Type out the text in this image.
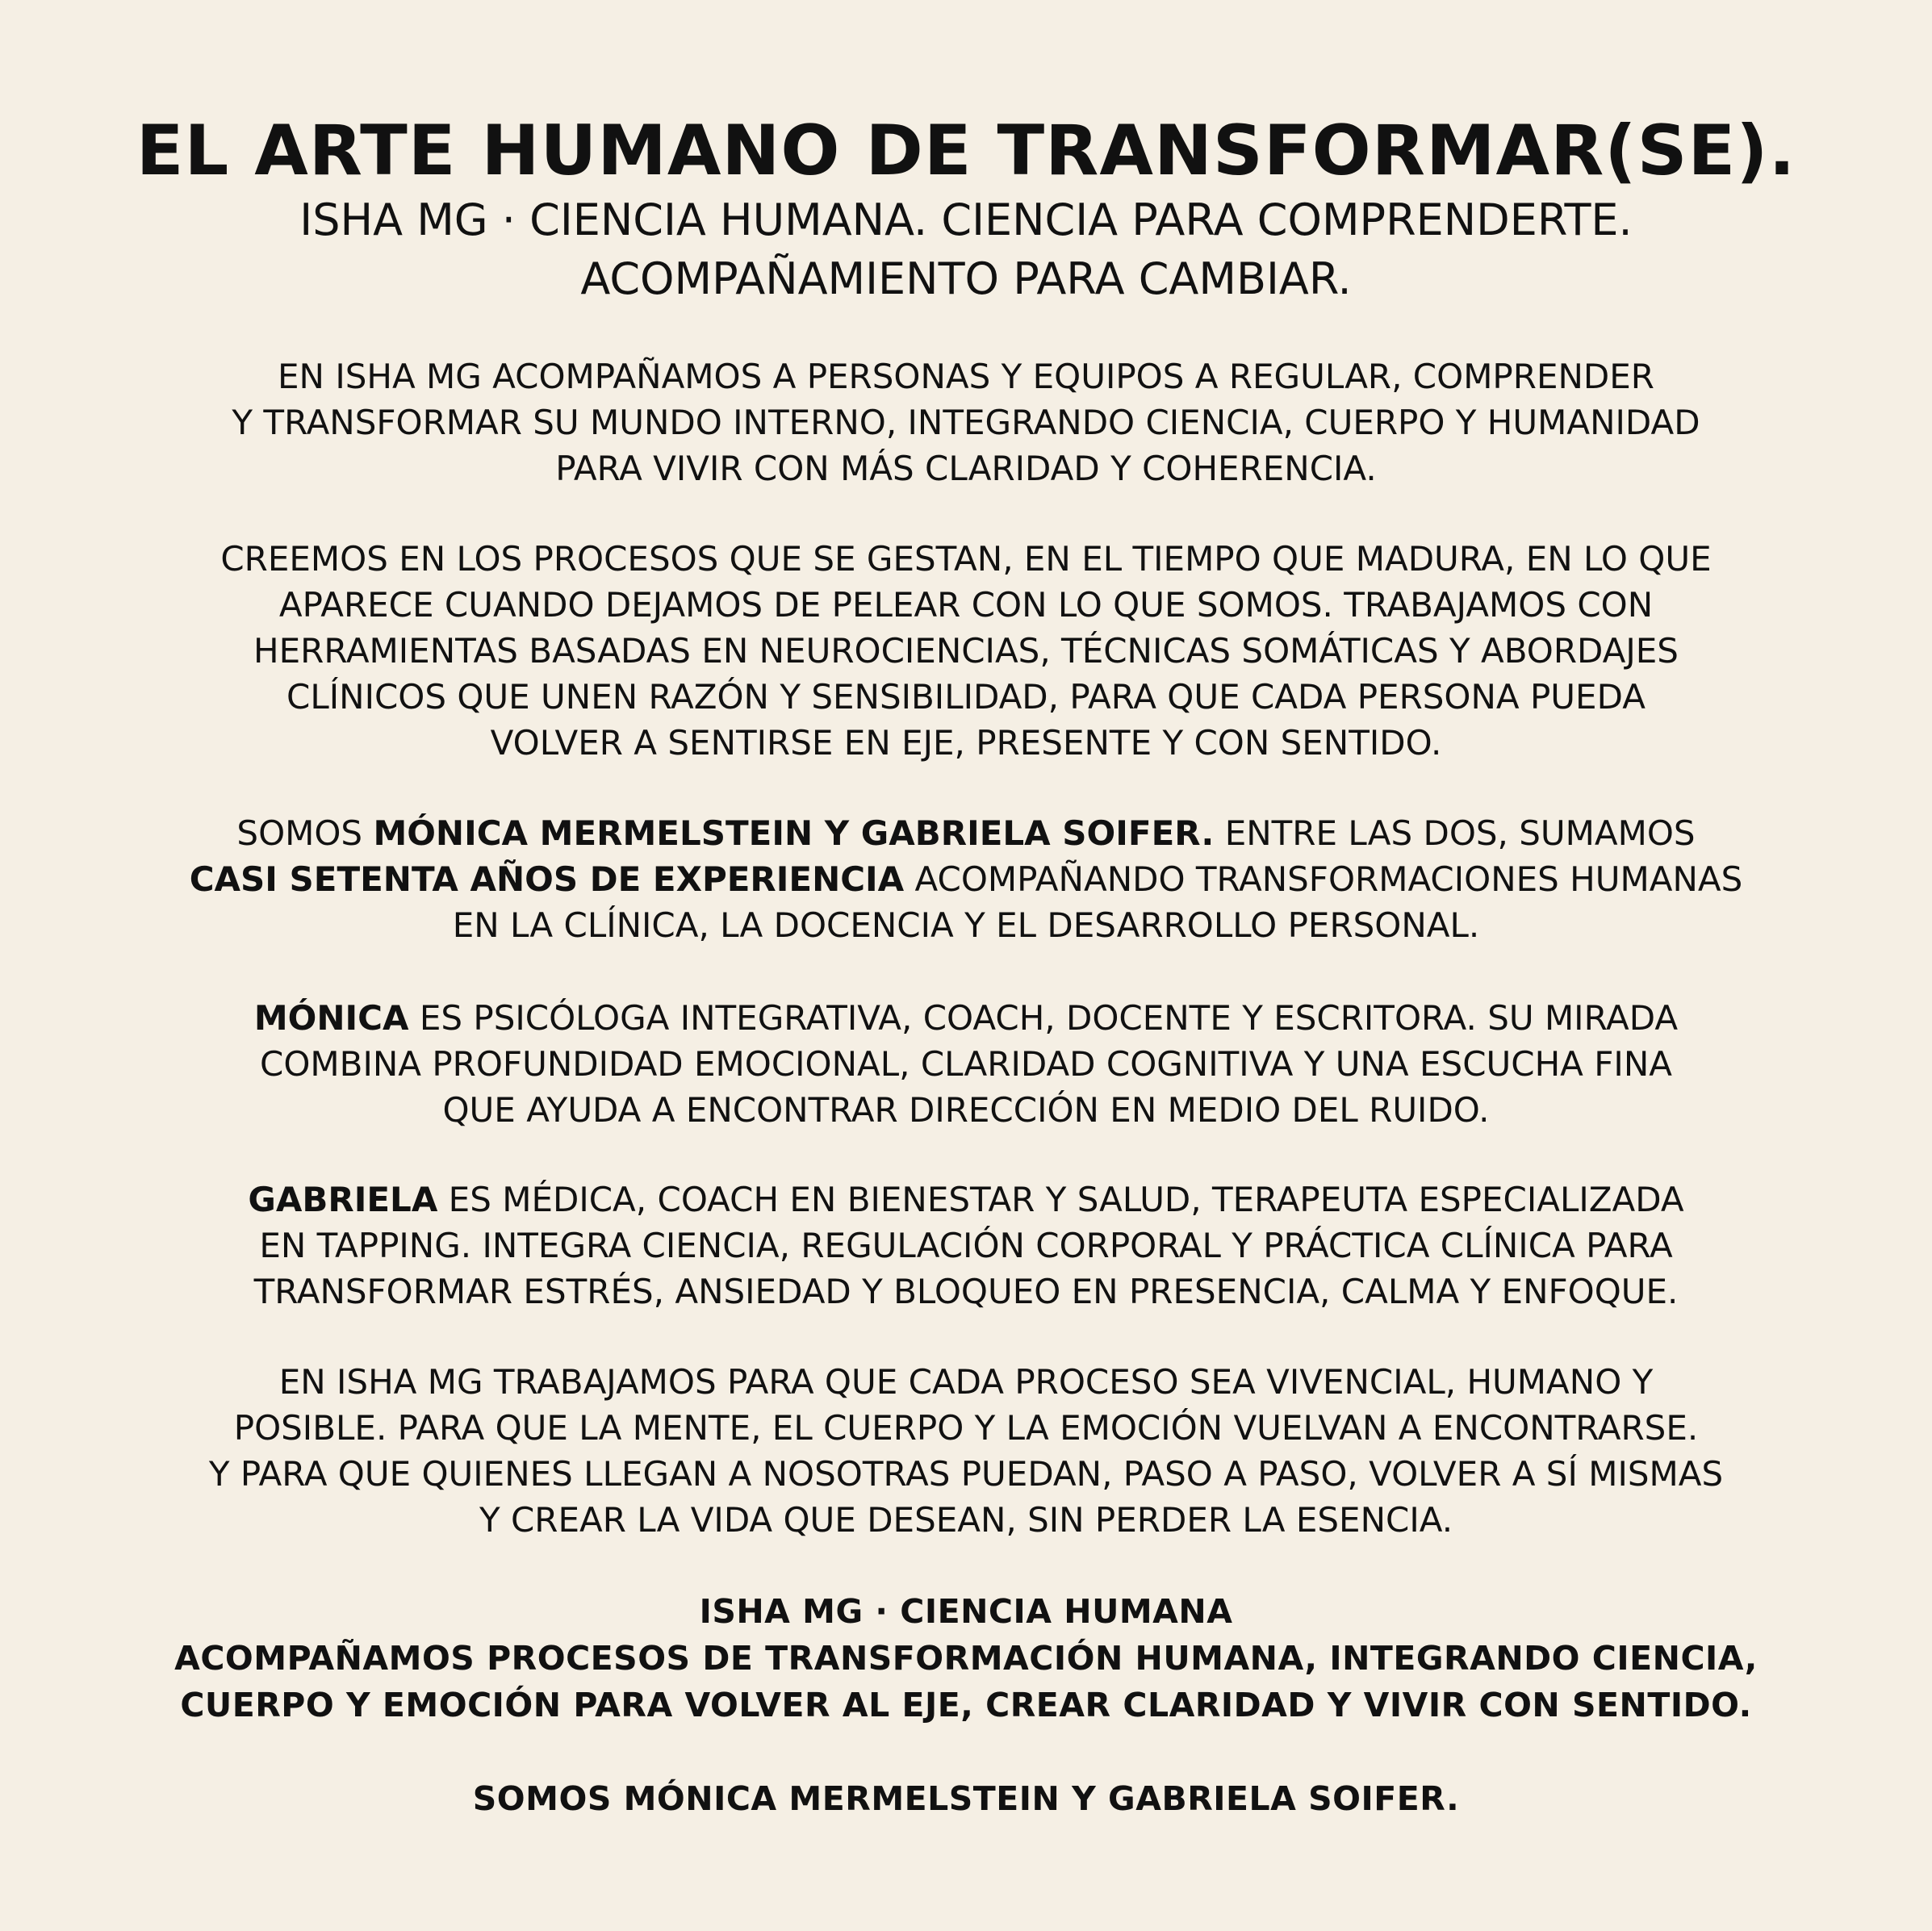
EL ARTE HUMANO DE TRANSFORMAR(SE).
ISHA MG · CIENCIA HUMANA. CIENCIA PARA COMPRENDERTE.
ACOMPAÑAMIENTO PARA CAMBIAR.
EN ISHA MG ACOMPAÑAMOS A PERSONAS Y EQUIPOS A REGULAR, COMPRENDER
Y TRANSFORMAR SU MUNDO INTERNO, INTEGRANDO CIENCIA, CUERPO Y HUMANIDAD
PARA VIVIR CON MÁS CLARIDAD Y COHERENCIA.
CREEMOS EN LOS PROCESOS QUE SE GESTAN, EN EL TIEMPO QUE MADURA, EN LO QUE
APARECE CUANDO DEJAMOS DE PELEAR CON LO QUE SOMOS. TRABAJAMOS CON
HERRAMIENTAS BASADAS EN NEUROCIENCIAS, TÉCNICAS SOMÁTICAS Y ABORDAJES
CLÍNICOS QUE UNEN RAZÓN Y SENSIBILIDAD, PARA QUE CADA PERSONA PUEDA
VOLVER A SENTIRSE EN EJE, PRESENTE Y CON SENTIDO.
SOMOS MÓNICA MERMELSTEIN Y GABRIELA SOIFER. ENTRE LAS DOS, SUMAMOS
CASI SETENTA AÑOS DE EXPERIENCIA ACOMPAÑANDO TRANSFORMACIONES HUMANAS
EN LA CLÍNICA, LA DOCENCIA Y EL DESARROLLO PERSONAL.
MÓNICA ES PSICÓLOGA INTEGRATIVA, COACH, DOCENTE Y ESCRITORA. SU MIRADA
COMBINA PROFUNDIDAD EMOCIONAL, CLARIDAD COGNITIVA Y UNA ESCUCHA FINA
QUE AYUDA A ENCONTRAR DIRECCIÓN EN MEDIO DEL RUIDO.
GABRIELA ES MÉDICA, COACH EN BIENESTAR Y SALUD, TERAPEUTA ESPECIALIZADA
EN TAPPING. INTEGRA CIENCIA, REGULACIÓN CORPORAL Y PRÁCTICA CLÍNICA PARA
TRANSFORMAR ESTRÉS, ANSIEDAD Y BLOQUEO EN PRESENCIA, CALMA Y ENFOQUE.
EN ISHA MG TRABAJAMOS PARA QUE CADA PROCESO SEA VIVENCIAL, HUMANO Y
POSIBLE. PARA QUE LA MENTE, EL CUERPO Y LA EMOCIÓN VUELVAN A ENCONTRARSE.
Y PARA QUE QUIENES LLEGAN A NOSOTRAS PUEDAN, PASO A PASO, VOLVER A SÍ MISMAS
Y CREAR LA VIDA QUE DESEAN, SIN PERDER LA ESENCIA.
ISHA MG · CIENCIA HUMANA
ACOMPAÑAMOS PROCESOS DE TRANSFORMACIÓN HUMANA, INTEGRANDO CIENCIA,
CUERPO Y EMOCIÓN PARA VOLVER AL EJE, CREAR CLARIDAD Y VIVIR CON SENTIDO.
SOMOS MÓNICA MERMELSTEIN Y GABRIELA SOIFER.
